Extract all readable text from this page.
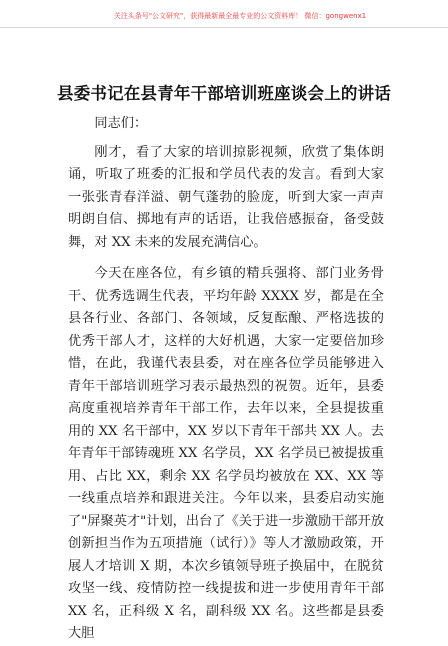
关注头条号"公文研究"，获得最新最全最专业的公文资料库！ 微信：gongwenx1
县委书记在县青年干部培训班座谈会上的讲话

同志们：

刚才，看了大家的培训掠影视频，欣赏了集体朗诵，听取了班委的汇报和学员代表的发言。看到大家一张张青春洋溢、朝气蓬勃的脸庞，听到大家一声声明朗自信、掷地有声的话语，让我倍感振奋，备受鼓舞，对 XX 未来的发展充满信心。

今天在座各位，有乡镇的精兵强将、部门业务骨干、优秀选调生代表，平均年龄 XXXX 岁，都是在全县各行业、各部门、各领域，反复酝酿、严格选拔的优秀干部人才，这样的大好机遇，大家一定要倍加珍惜，在此，我谨代表县委，对在座各位学员能够进入青年干部培训班学习表示最热烈的祝贺。近年，县委高度重视培养青年干部工作，去年以来，全县提拔重用的 XX 名干部中，XX 岁以下青年干部共 XX 人。去年青年干部铸魂班 XX 名学员，XX 名学员已被提拔重用、占比 XX，剩余 XX 名学员均被放在 XX、XX 等一线重点培养和跟进关注。今年以来，县委启动实施了"屏聚英才"计划，出台了《关于进一步激励干部开放创新担当作为五项措施（试行）》等人才激励政策，开展人才培训 X 期，本次乡镇领导班子换届中，在脱贫攻坚一线、疫情防控一线提拔和进一步使用青年干部 XX 名，正科级 X 名，副科级 XX 名。这些都是县委大胆
